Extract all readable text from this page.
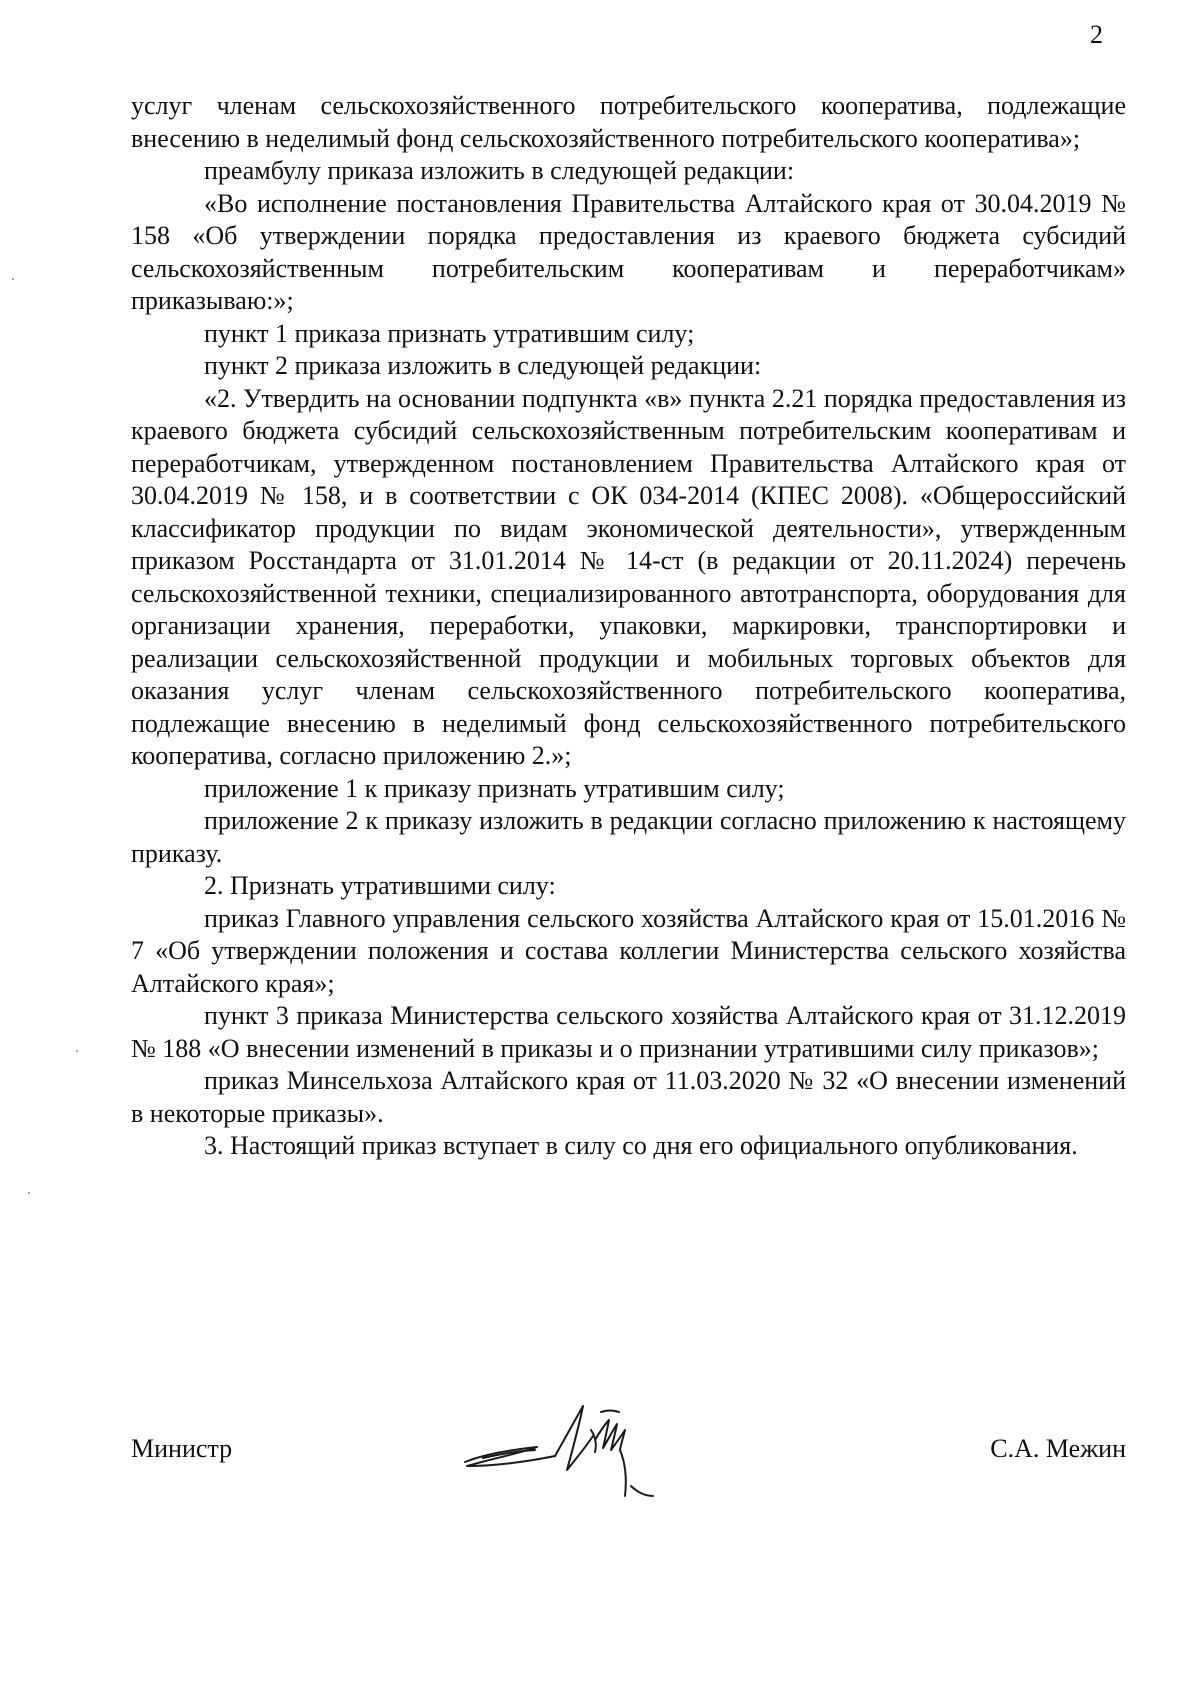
2

услуг членам сельскохозяйственного потребительского кооператива, подлежащие внесению в неделимый фонд сельскохозяйственного потребительского кооператива»;

преамбулу приказа изложить в следующей редакции:

«Во исполнение постановления Правительства Алтайского края от 30.04.2019 № 158 «Об утверждении порядка предоставления из краевого бюджета субсидий сельскохозяйственным потребительским кооперативам и переработчикам» приказываю:»;

пункт 1 приказа признать утратившим силу;

пункт 2 приказа изложить в следующей редакции:

«2. Утвердить на основании подпункта «в» пункта 2.21 порядка предоставления из краевого бюджета субсидий сельскохозяйственным потребительским кооперативам и переработчикам, утвержденном постановлением Правительства Алтайского края от 30.04.2019 № 158, и в соответствии с ОК 034-2014 (КПЕС 2008). «Общероссийский классификатор продукции по видам экономической деятельности», утвержденным приказом Росстандарта от 31.01.2014 № 14-ст (в редакции от 20.11.2024) перечень сельскохозяйственной техники, специализированного автотранспорта, оборудования для организации хранения, переработки, упаковки, маркировки, транспортировки и реализации сельскохозяйственной продукции и мобильных торговых объектов для оказания услуг членам сельскохозяйственного потребительского кооператива, подлежащие внесению в неделимый фонд сельскохозяйственного потребительского кооператива, согласно приложению 2.»;

приложение 1 к приказу признать утратившим силу;

приложение 2 к приказу изложить в редакции согласно приложению к настоящему приказу.

2. Признать утратившими силу:

приказ Главного управления сельского хозяйства Алтайского края от 15.01.2016 № 7 «Об утверждении положения и состава коллегии Министерства сельского хозяйства Алтайского края»;

пункт 3 приказа Министерства сельского хозяйства Алтайского края от 31.12.2019 № 188 «О внесении изменений в приказы и о признании утратившими силу приказов»;

приказ Минсельхоза Алтайского края от 11.03.2020 № 32 «О внесении изменений в некоторые приказы».

3. Настоящий приказ вступает в силу со дня его официального опубликования.

Министр	С.А. Межин
